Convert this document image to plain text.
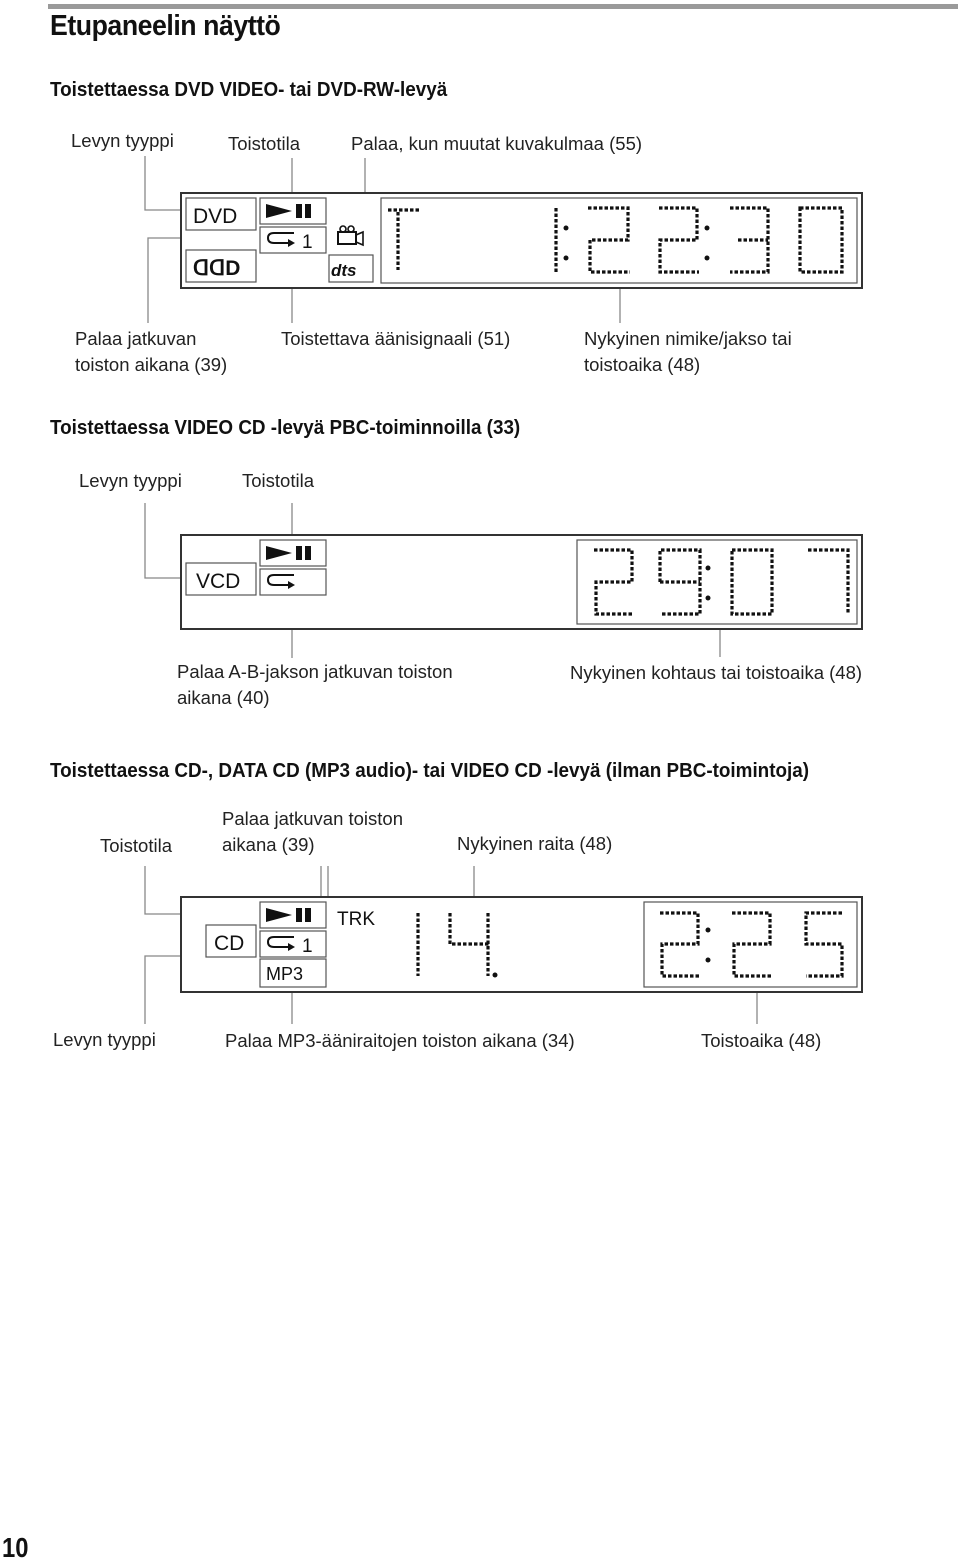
Etupaneelin näyttö
Toistettaessa DVD VIDEO- tai DVD-RW-levyä
Levyn tyyppi	Toistotila	Palaa, kun muutat kuvakulmaa (55)
Palaa jatkuvan
toiston aikana (39)
Toistettava äänisignaali (51)	Nykyinen nimike/jakso tai
toistoaika (48)
Toistettaessa VIDEO CD -levyä PBC-toiminnoilla (33)
Levyn tyyppi	Toistotila
Palaa A-B-jakson jatkuvan toiston
aikana (40)
Nykyinen kohtaus tai toistoaika (48)
Toistettaessa CD-, DATA CD (MP3 audio)- tai VIDEO CD -levyä (ilman PBC-toimintoja)
Toistotila
Palaa jatkuvan toiston
aikana (39)	Nykyinen raita (48)
Levyn tyyppi	Palaa MP3-ääniraitojen toiston aikana (34)	Toistoaika (48)
10
DVD
ᗡᗡD
1
dts
VCD
CD	1
MP3
TRK
